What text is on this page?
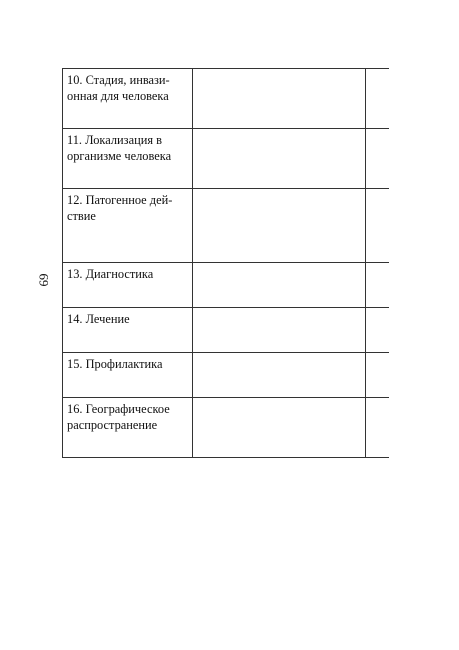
69
10. Стадия, инвази-
онная для человека		
11. Локализация в
организме человека		
12. Патогенное дей-
ствие		
13. Диагностика		
14. Лечение		
15. Профилактика		
16. Географическое
распространение		
